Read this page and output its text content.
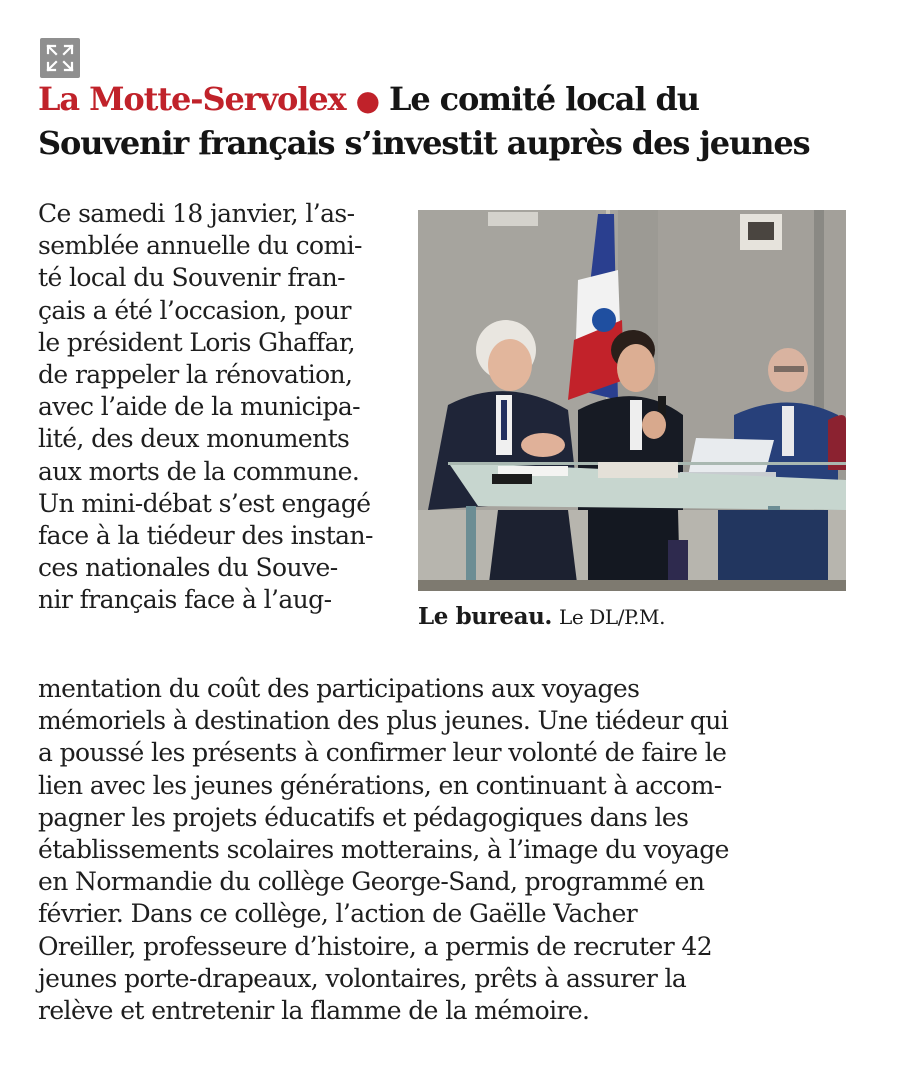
La Motte-Servolex ● Le comité local du
Souvenir français s’investit auprès des jeunes
Ce samedi 18 janvier, l’as-
semblée annuelle du comi-
té local du Souvenir fran-
çais a été l’occasion, pour
le président Loris Ghaffar,
de rappeler la rénovation,
avec l’aide de la municipa-
lité, des deux monuments
aux morts de la commune.
Un mini-débat s’est engagé
face à la tiédeur des instan-
ces nationales du Souve-
nir français face à l’aug-
Le bureau. Le DL/P.M.
mentation du coût des participations aux voyages
mémoriels à destination des plus jeunes. Une tiédeur qui
a poussé les présents à confirmer leur volonté de faire le
lien avec les jeunes générations, en continuant à accom-
pagner les projets éducatifs et pédagogiques dans les
établissements scolaires motterains, à l’image du voyage
en Normandie du collège George-Sand, programmé en
février. Dans ce collège, l’action de Gaëlle Vacher
Oreiller, professeure d’histoire, a permis de recruter 42
jeunes porte-drapeaux, volontaires, prêts à assurer la
relève et entretenir la flamme de la mémoire.
